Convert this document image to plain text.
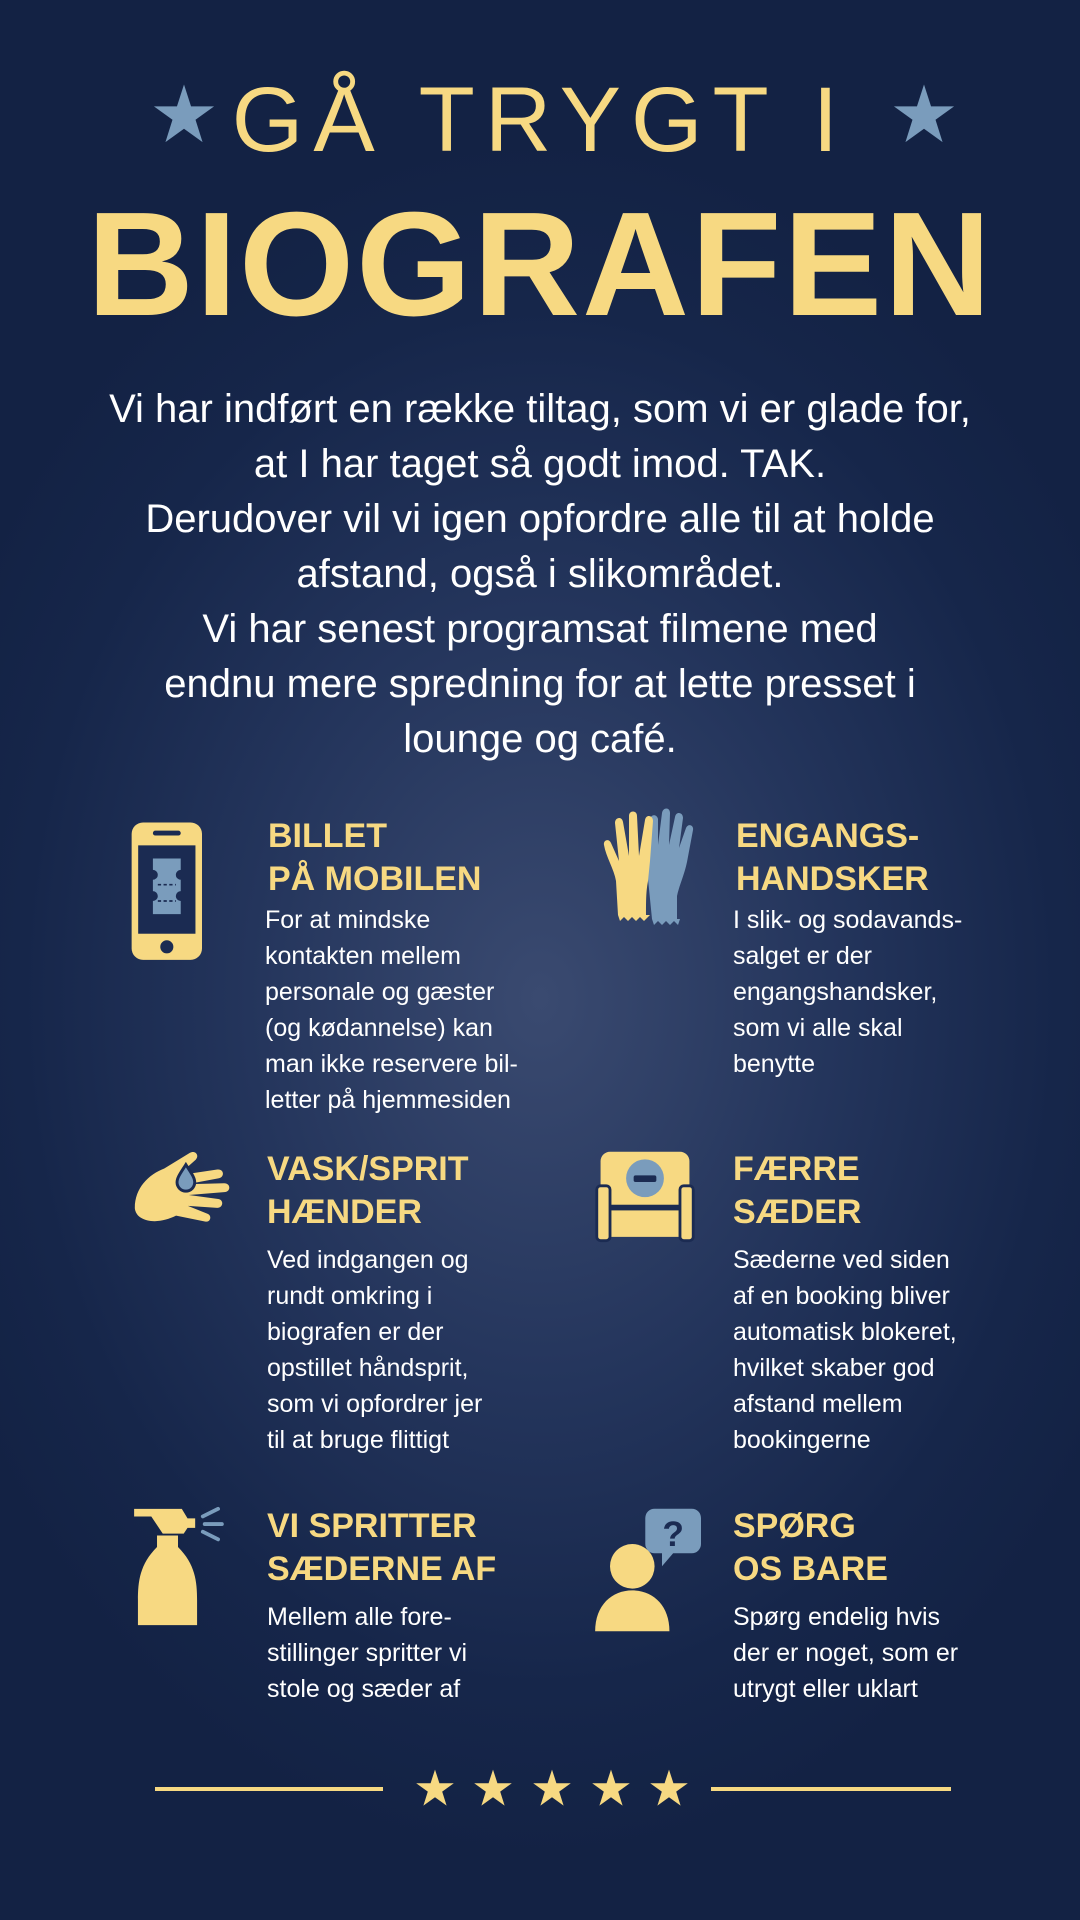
GÅ TRYGT I
BIOGRAFEN

Vi har indført en række tiltag, som vi er glade for,

at I har taget så godt imod. TAK.

Derudover vil vi igen opfordre alle til at holde

afstand, også i slikområdet.

Vi har senest programsat filmene med

endnu mere spredning for at lette presset i

lounge og café.

BILLET
PÅ MOBILEN
For at mindske
kontakten mellem
personale og gæster
(og kødannelse) kan
man ikke reservere bil-
letter på hjemmesiden
ENGANGS-
HANDSKER
I slik- og sodavands-
salget er der
engangshandsker,
som vi alle skal
benytte
VASK/SPRIT
HÆNDER
Ved indgangen og
rundt omkring i
biografen er der
opstillet håndsprit,
som vi opfordrer jer
til at bruge flittigt
FÆRRE
SÆDER
Sæderne ved siden
af en booking bliver
automatisk blokeret,
hvilket skaber god
afstand mellem
bookingerne
VI SPRITTER
SÆDERNE AF
Mellem alle fore-
stillinger spritter vi
stole og sæder af
? SPØRG
OS BARE
Spørg endelig hvis
der er noget, som er
utrygt eller uklart
